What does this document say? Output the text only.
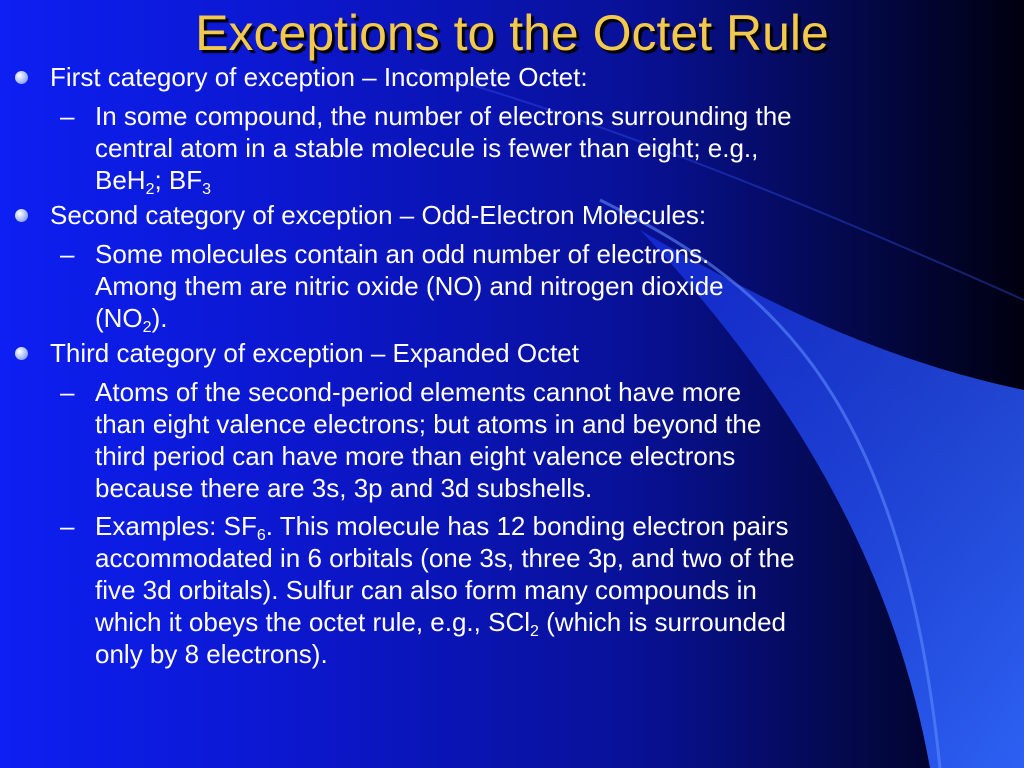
Exceptions to the Octet Rule
First category of exception – Incomplete Octet:
– In some compound, the number of electrons surrounding the
central atom in a stable molecule is fewer than eight; e.g.,
BeH$_2$; $BF_3$
Second category of exception – Odd-Electron Molecules:
– Some molecules contain an odd number of electrons.
Among them are nitric oxide (NO) and nitrogen dioxide
$(NO_2)$.
Third category of exception – Expanded Octet
– Atoms of the second-period elements cannot have more
than eight valence electrons; but atoms in and beyond the
third period can have more than eight valence electrons
because there are 3s, 3p and 3d subshells.
– Examples: $SF_6$. This molecule has 12 bonding electron pairs
accommodated in 6 orbitals (one 3s, three 3p, and two of the
five 3d orbitals). Sulfur can also form many compounds in
which it obeys the octet rule, e.g., SCl$_2$ (which is surrounded
only by 8 electrons).
